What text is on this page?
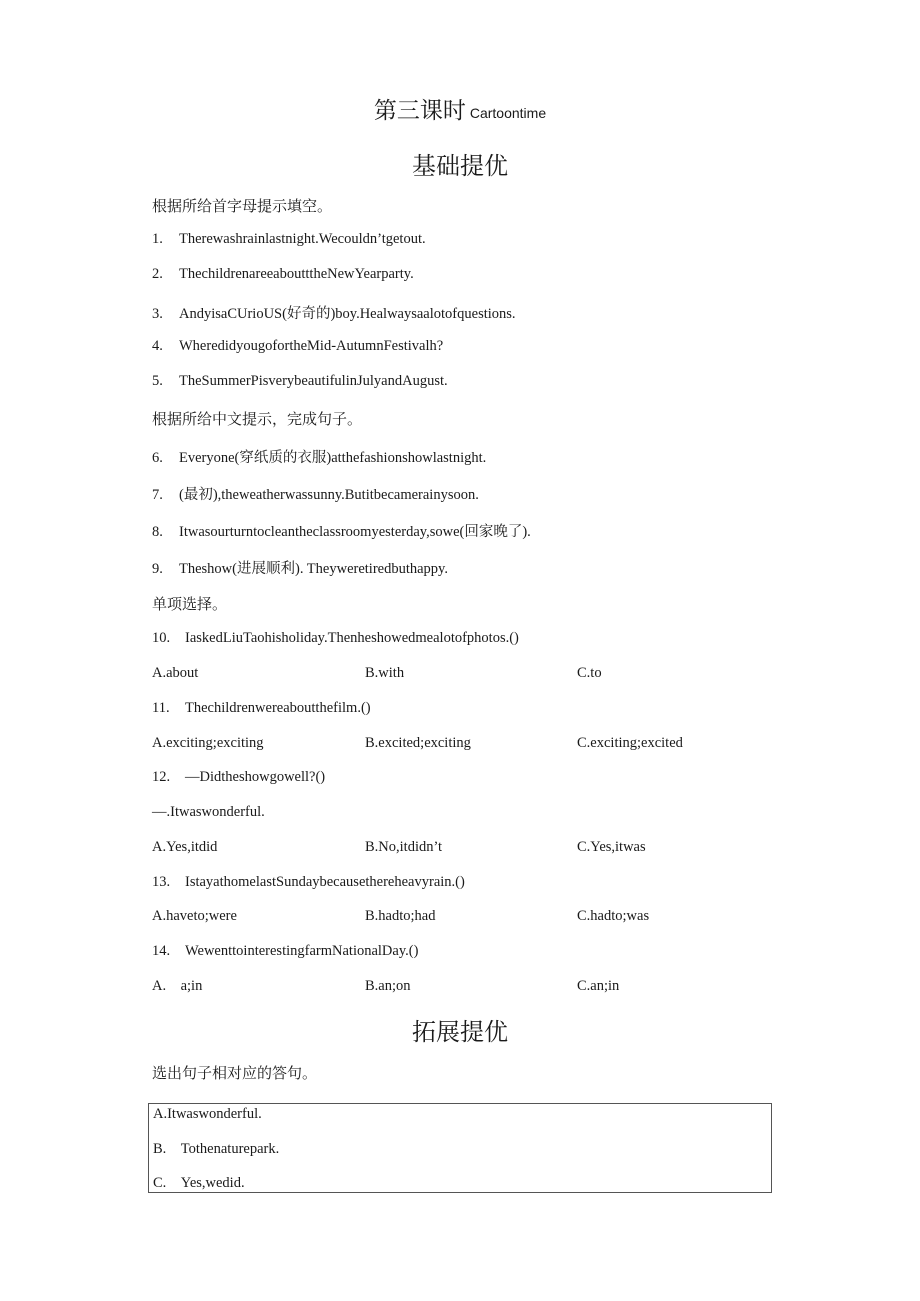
第三课时 Cartoontime
基础提优
根据所给首字母提示填空。
1. Therewashrainlastnight.Wecouldn’tgetout.
2. ThechildrenareeaboutttheNewYearparty.
3. AndyisaCUrioUS(好奇的)boy.Healwaysaalotofquestions.
4. WheredidyougofortheMid-AutumnFestivalh?
5. TheSummerPisverybeautifulinJulyandAugust.
根据所给中文提示，完成句子。
6. Everyone(穿纸质的衣服)atthefashionshowlastnight.
7. (最初),theweatherwassunny.Butitbecamerainysoon.
8. Itwasourturntocleantheclassroomyesterday,sowe(回家晚了).
9. Theshow(进展顺利). Theyweretiredbuthappy.
单项选择。
10. IaskedLiuTaohisholiday.Thenheshowedmealotofphotos.()
A.about	B.with	C.to
11. Thechildrenwereaboutthefilm.()
A.exciting;exciting	B.excited;exciting	C.exciting;excited
12. —Didtheshowgowell?()
—.Itwaswonderful.
A.Yes,itdid	B.No,itdidn’t	C.Yes,itwas
13. IstayathomelastSundaybecausethereheavyrain.()
A.haveto;were	B.hadto;had	C.hadto;was
14. WewenttointerestingfarmNationalDay.()
A.    a;in	B.an;on	C.an;in
拓展提优
选出句子相对应的答句。
A.Itwaswonderful.
B.    Tothenaturepark.
C.    Yes,wedid.
